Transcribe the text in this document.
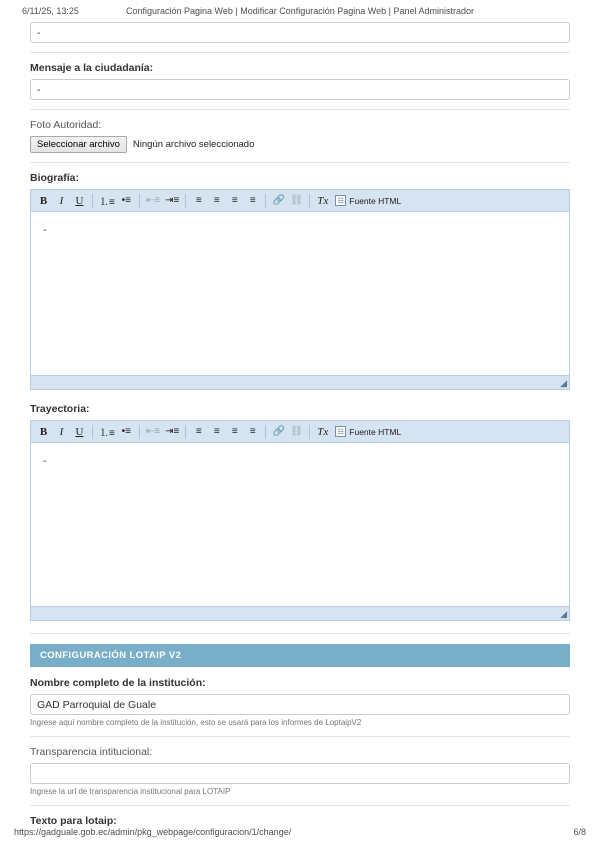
6/11/25, 13:25	Configuración Pagina Web | Modificar Configuración Pagina Web | Panel Administrador
-
Mensaje a la ciudadanía:
-
Foto Autoridad:
Seleccionar archivo	Ningún archivo seleccionado
Biografía:
B	I	U	⒈≡ •≡	⇤≡ ⇥≡	≡	≡	≡	≡	🔗 ⛓ Tx	☷ Fuente HTML
-
◢
Trayectoria:
B	I	U	⒈≡ •≡	⇤≡ ⇥≡	≡	≡	≡	≡	🔗 ⛓ Tx	☷ Fuente HTML
-
◢
CONFIGURACIÓN LOTAIP V2
Nombre completo de la institución:
GAD Parroquial de Guale
Ingrese aquí nombre completo de la institución, esto se usará para los informes de LoptaipV2
Transparencia intitucional:
Ingrese la url de transparencia institucional para LOTAIP
Texto para lotaip:
https://gadguale.gob.ec/admin/pkg_webpage/configuracion/1/change/	6/8
